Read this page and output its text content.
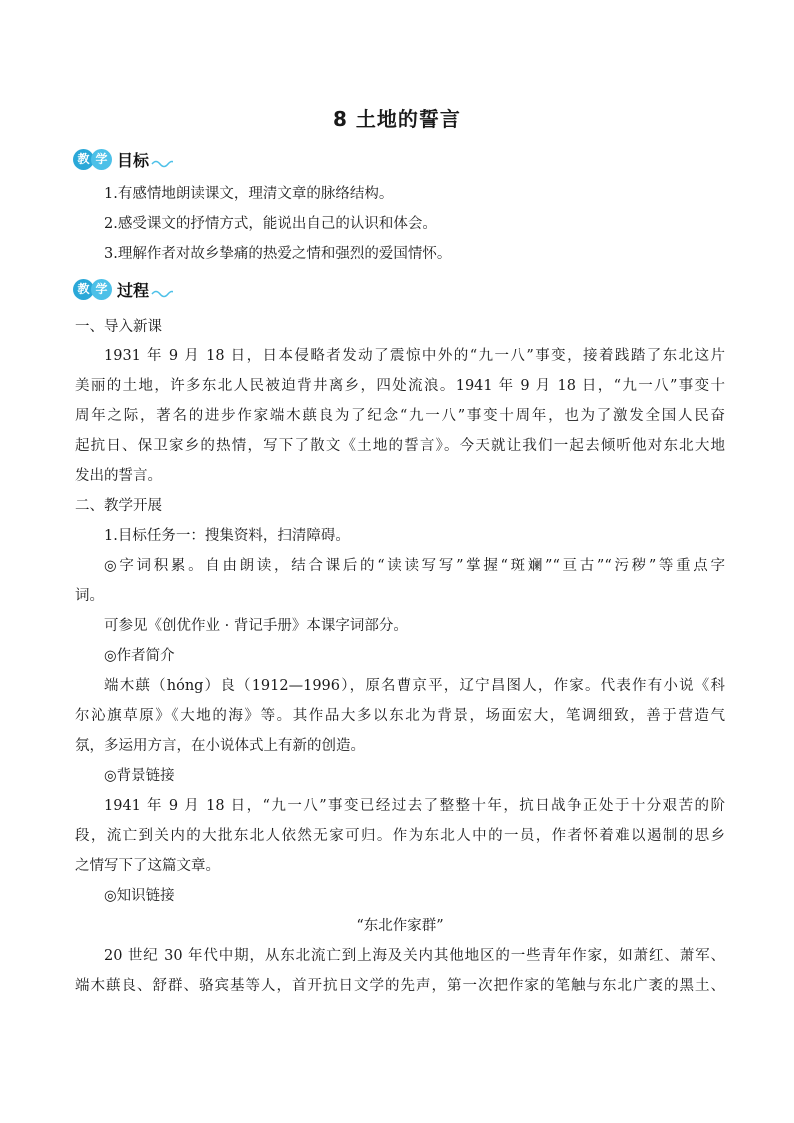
8 土地的誓言
教 学 目标
1.有感情地朗读课文，理清文章的脉络结构。
2.感受课文的抒情方式，能说出自己的认识和体会。
3.理解作者对故乡挚痛的热爱之情和强烈的爱国情怀。
教 学 过程
一、导入新课
1931 年 9 月 18 日，日本侵略者发动了震惊中外的“九一八”事变，接着践踏了东北这片
美丽的土地，许多东北人民被迫背井离乡，四处流浪。1941 年 9 月 18 日，“九一八”事变十
周年之际，著名的进步作家端木蕻良为了纪念“九一八”事变十周年，也为了激发全国人民奋
起抗日、保卫家乡的热情，写下了散文《土地的誓言》。今天就让我们一起去倾听他对东北大地
发出的誓言。
二、教学开展
1.目标任务一：搜集资料，扫清障碍。
◎字词积累。自由朗读，结合课后的“读读写写”掌握“斑斓”“亘古”“污秽”等重点字
词。
可参见《创优作业 · 背记手册》本课字词部分。
◎作者简介
端木蕻（hóng）良（1912—1996），原名曹京平，辽宁昌图人，作家。代表作有小说《科
尔沁旗草原》《大地的海》等。其作品大多以东北为背景，场面宏大，笔调细致，善于营造气
氛，多运用方言，在小说体式上有新的创造。
◎背景链接
1941 年 9 月 18 日，“九一八”事变已经过去了整整十年，抗日战争正处于十分艰苦的阶
段，流亡到关内的大批东北人依然无家可归。作为东北人中的一员，作者怀着难以遏制的思乡
之情写下了这篇文章。
◎知识链接
“东北作家群”
20 世纪 30 年代中期，从东北流亡到上海及关内其他地区的一些青年作家，如萧红、萧军、
端木蕻良、舒群、骆宾基等人，首开抗日文学的先声，第一次把作家的笔触与东北广袤的黑土、
